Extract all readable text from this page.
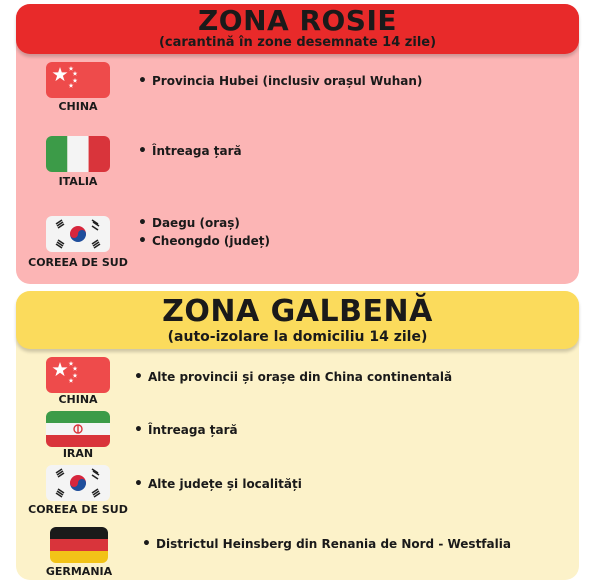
ZONA ROSIE
(carantină în zone desemnate 14 zile)
CHINA
• Provincia Hubei (inclusiv orașul Wuhan)
ITALIA
• Întreaga țară
COREEA DE SUD
• Daegu (oraș)
• Cheongdo (județ)
ZONA GALBENĂ
(auto-izolare la domiciliu 14 zile)
CHINA
• Alte provincii și orașe din China continentală
IRAN
• Întreaga țară
COREEA DE SUD
• Alte județe și localități
GERMANIA
• Districtul Heinsberg din Renania de Nord - Westfalia
